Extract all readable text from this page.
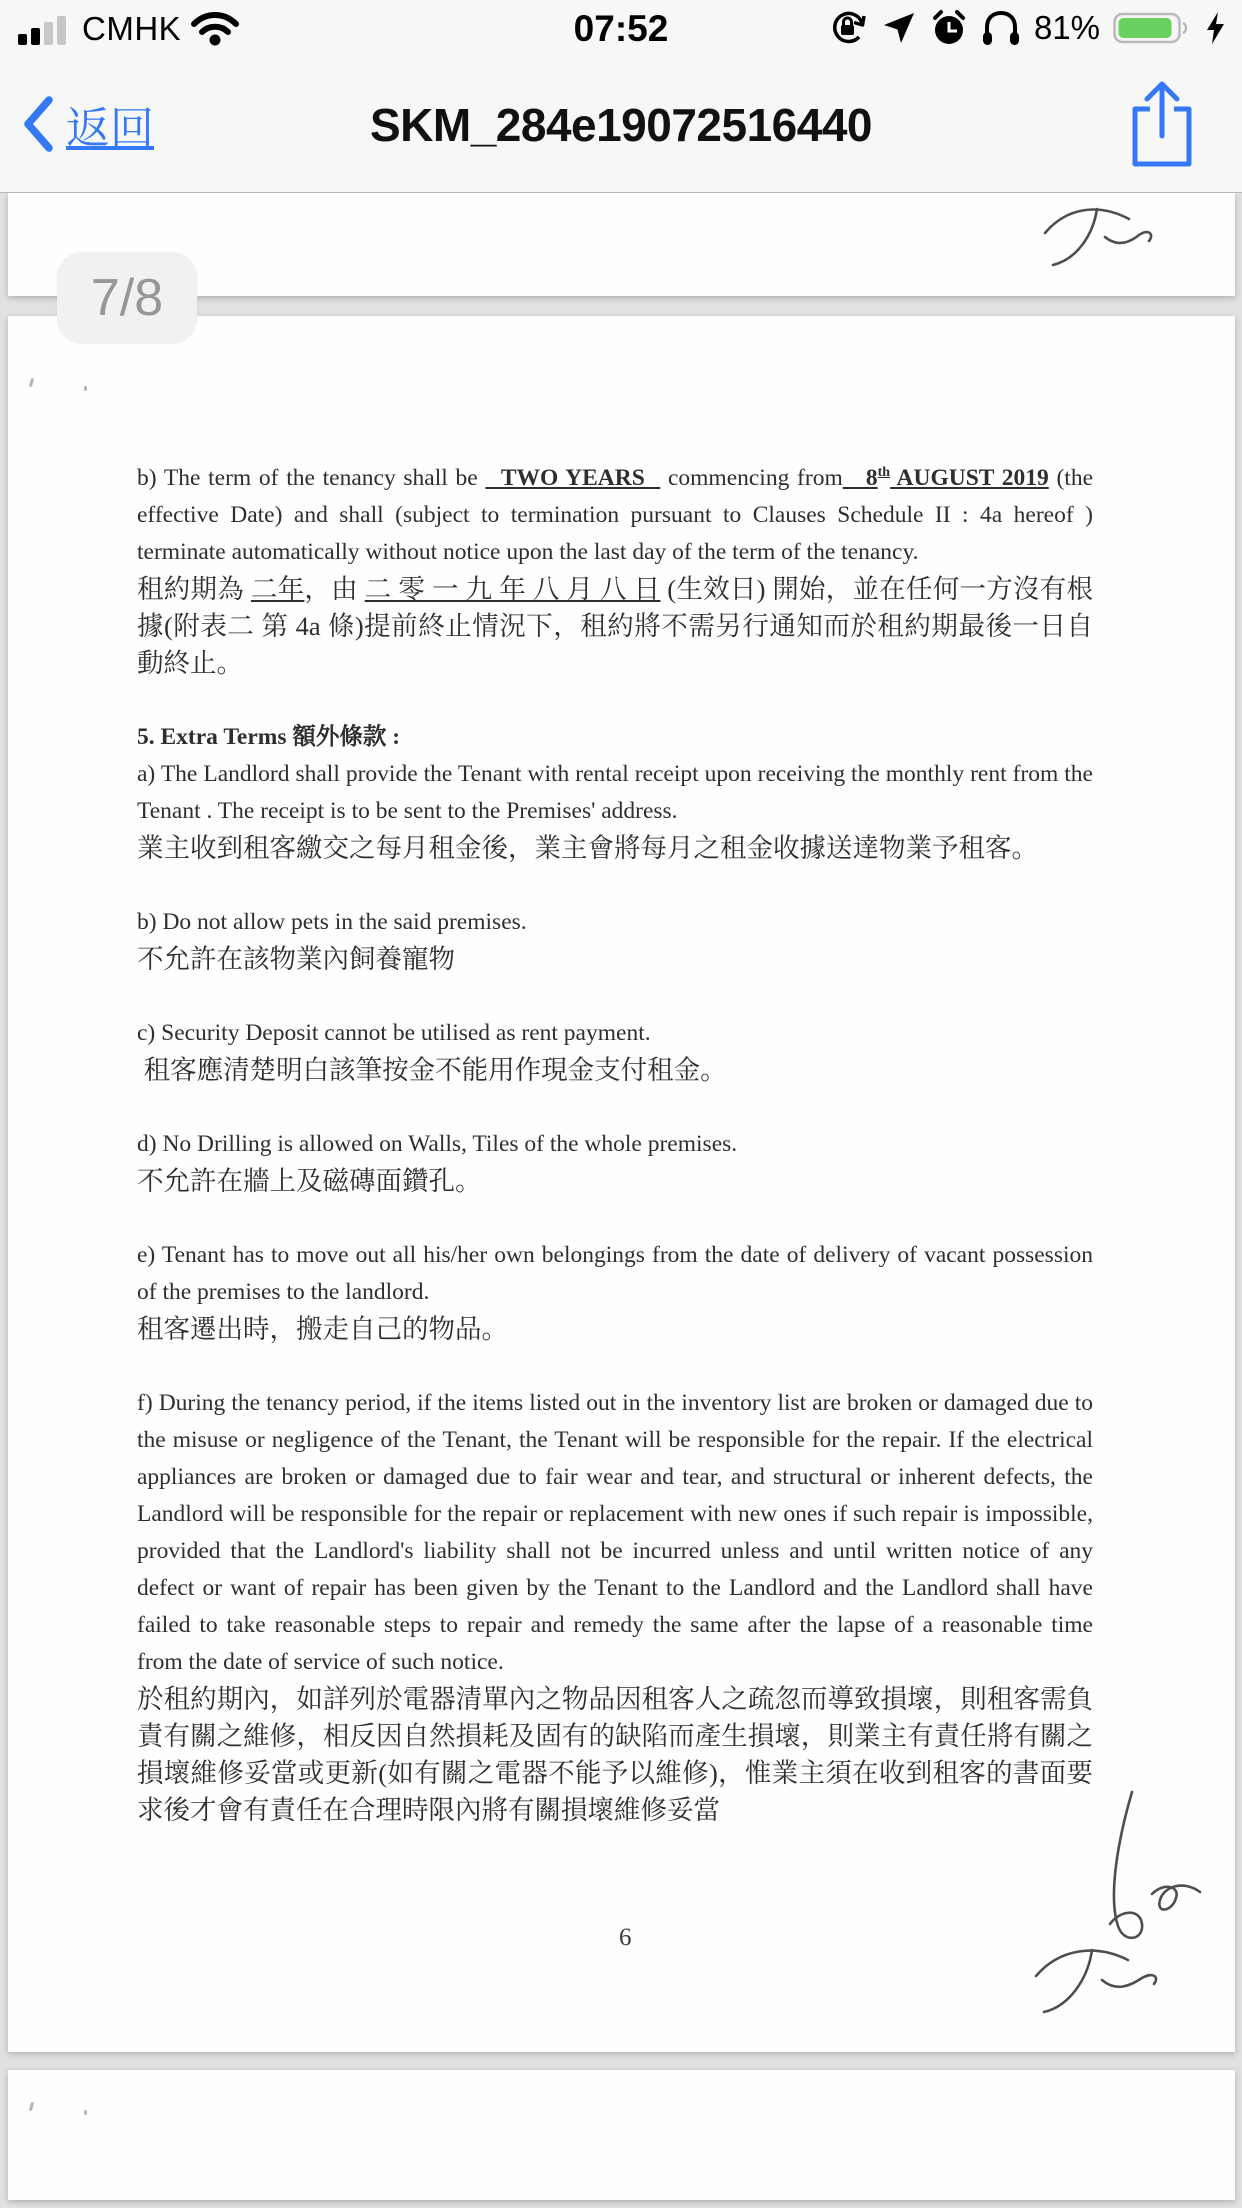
CMHK	07:52	81%
返回	SKM_284e19072516440
b) The term of the tenancy shall be   TWO YEARS   commencing from   8th AUGUST 2019 (the effective Date) and shall (subject to termination pursuant to Clauses Schedule II : 4a hereof ) terminate automatically without notice upon the last day of the term of the tenancy.
租約期為 二年，由 二 零 一 九 年 八 月 八 日 (生效日) 開始，並在任何一方沒有根據(附表二 第 4a 條)提前終止情況下，租約將不需另行通知而於租約期最後一日自動終止。
5. Extra Terms 額外條款 :
a) The Landlord shall provide the Tenant with rental receipt upon receiving the monthly rent from the Tenant . The receipt is to be sent to the Premises' address.
業主收到租客繳交之每月租金後，業主會將每月之租金收據送達物業予租客。
b) Do not allow pets in the said premises.
不允許在該物業內飼養寵物
c) Security Deposit cannot be utilised as rent payment.
租客應清楚明白該筆按金不能用作現金支付租金。
d) No Drilling is allowed on Walls, Tiles of the whole premises.
不允許在牆上及磁磚面鑽孔。
e) Tenant has to move out all his/her own belongings from the date of delivery of vacant possession of the premises to the landlord.
租客遷出時，搬走自己的物品。
f) During the tenancy period, if the items listed out in the inventory list are broken or damaged due to the misuse or negligence of the Tenant, the Tenant will be responsible for the repair. If the electrical appliances are broken or damaged due to fair wear and tear, and structural or inherent defects, the Landlord will be responsible for the repair or replacement with new ones if such repair is impossible, provided that the Landlord's liability shall not be incurred unless and until written notice of any defect or want of repair has been given by the Tenant to the Landlord and the Landlord shall have failed to take reasonable steps to repair and remedy the same after the lapse of a reasonable time from the date of service of such notice.
於租約期內，如詳列於電器清單內之物品因租客人之疏忽而導致損壞，則租客需負責有關之維修，相反因自然損耗及固有的缺陷而產生損壞，則業主有責任將有關之損壞維修妥當或更新(如有關之電器不能予以維修)，惟業主須在收到租客的書面要求後才會有責任在合理時限內將有關損壞維修妥當
6
7/8
